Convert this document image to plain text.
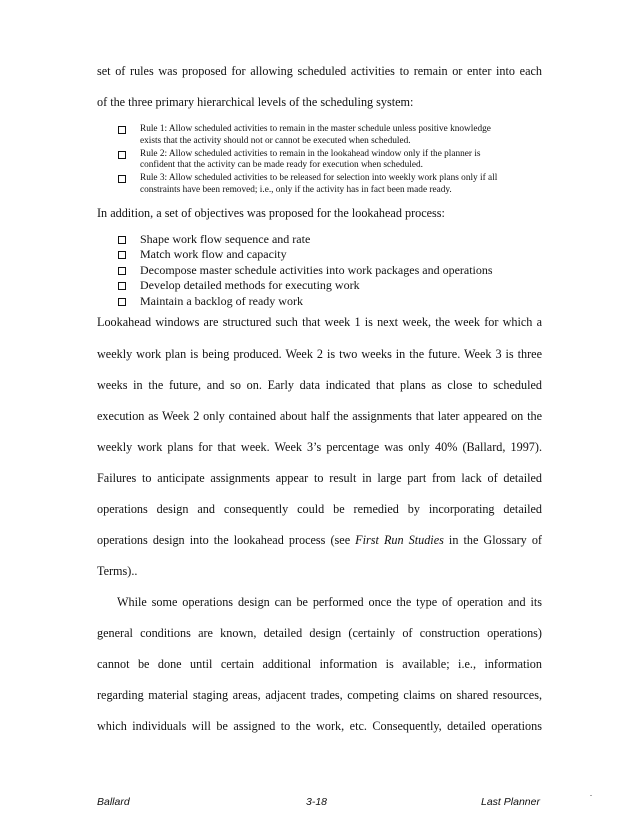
set of rules was proposed for allowing scheduled activities to remain or enter into each

of the three primary hierarchical levels of the scheduling system:

Rule 1: Allow scheduled activities to remain in the master schedule unless positive knowledge
exists that the activity should not or cannot be executed when scheduled.
Rule 2: Allow scheduled activities to remain in the lookahead window only if the planner is
confident that the activity can be made ready for execution when scheduled.
Rule 3: Allow scheduled activities to be released for selection into weekly work plans only if all
constraints have been removed; i.e., only if the activity has in fact been made ready.

In addition, a set of objectives was proposed for the lookahead process:

Shape work flow sequence and rate
Match work flow and capacity
Decompose master schedule activities into work packages and operations
Develop detailed methods for executing work
Maintain a backlog of ready work

Lookahead windows are structured such that week 1 is next week, the week for which a

weekly work plan is being produced. Week 2 is two weeks in the future. Week 3 is three

weeks in the future, and so on. Early data indicated that plans as close to scheduled

execution as Week 2 only contained about half the assignments that later appeared on the

weekly work plans for that week. Week 3’s percentage was only 40% (Ballard, 1997).

Failures to anticipate assignments appear to result in large part from lack of detailed

operations design and consequently could be remedied by incorporating detailed

operations design into the lookahead process (see First Run Studies in the Glossary of

Terms)..

While some operations design can be performed once the type of operation and its

general conditions are known, detailed design (certainly of construction operations)

cannot be done until certain additional information is available; i.e., information

regarding material staging areas, adjacent trades, competing claims on shared resources,

which individuals will be assigned to the work, etc. Consequently, detailed operations

Ballard	3-18	Last Planner
.
